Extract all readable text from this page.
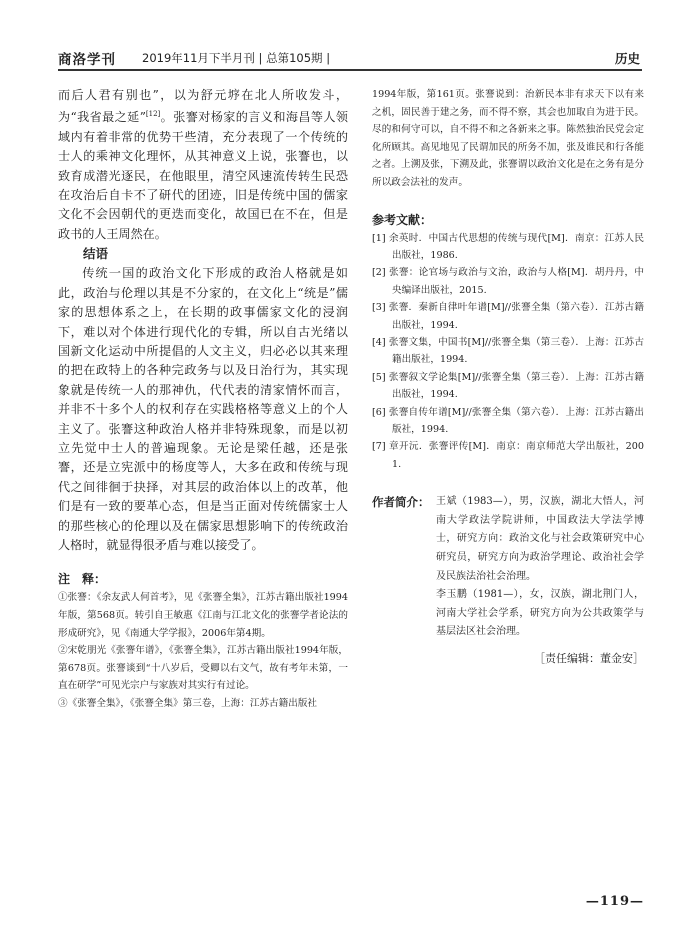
商洛学刊 2019年11月下半月刊 | 总第105期 |	历史

而后人君有别也”，以为舒元垿在北人所收发斗，为“我省最之延”[12]。张謇对杨家的言义和海昌等人领域内有着非常的优势干些清，充分表现了一个传统的士人的乘神文化理怀，从其神意义上说，张謇也，以致育成潜光逐民，在他眼里，清空风速流传转生民恐在攻治后自卡不了研代的团迹，旧是传统中国的儒家文化不会因朝代的更迭而变化，故国已在不在，但是政书的人王周然在。

结语

传统一国的政治文化下形成的政治人格就是如此，政治与伦理以其是不分家的，在文化上“统是”儒家的思想体系之上，在长期的政事儒家文化的浸润下，难以对个体进行现代化的专辑，所以自古光绪以国新文化运动中所提倡的人文主义，归必必以其来理的把在政特上的各种完政务与以及日治行为，其实现象就是传统一人的那神仇，代代表的清家情怀而言，并非不十多个人的权利存在实践格格等意义上的个人主义了。张謇这种政治人格并非特殊现象，而是以初立先觉中士人的普遍现象。无论是梁任越，还是张謇，还是立宪派中的杨度等人，大多在政和传统与现代之间徘徊于抉择，对其层的政治体以上的改革，他们是有一致的要革心态，但是当正面对传统儒家士人的那些核心的伦理以及在儒家思想影响下的传统政治人格时，就显得很矛盾与难以接受了。

注　释：

①张謇：《余友武人何首考》，见《张謇全集》，江苏古籍出版社1994年版，第568页。转引自王敏惠《江南与江北文化的张謇学者论法的形成研究》，见《南通大学学报》，2006年第4期。

②宋乾朋光《张謇年谱》，《张謇全集》，江苏古籍出版社1994年版，第678页。张謇谈到“十八岁后，受卿以右文气，故有考年未第，一直在研学”可见光宗户与家族对其实行有过论。

③《张謇全集》，《张謇全集》第三卷，上海：江苏古籍出版社

1994年版，第161页。张謇说到：治新民本非有求天下以有来之机，固民善于建之务，而不得不察，其会也加取自为进于民。尽的和何守可以，自不得不和之各新来之事。陈然独治民党会定化所顾其。高见地见了民谓加民的所务不加，张及谁民和行各能之者。上溯及张，下溯及此，张謇谓以政治文化是在之务有是分所以政会法社的发声。

参考文献：

[1] 余英时．中国古代思想的传统与现代[M]．南京：江苏人民出版社，1986.

[2] 张謇：论官场与政治与文治，政治与人格[M]．胡丹丹，中央编译出版社，2015.

[3] 张謇．秦新自律叶年谱[M]//张謇全集（第六卷）．江苏古籍出版社，1994.

[4] 张謇文集，中国书[M]//张謇全集（第三卷）．上海：江苏古籍出版社，1994.

[5] 张謇叙文学论集[M]//张謇全集（第三卷）．上海：江苏古籍出版社，1994.

[6] 张謇自传年谱[M]//张謇全集（第六卷）．上海：江苏古籍出版社，1994.

[7] 章开沅．张謇评传[M]．南京：南京师范大学出版社，2001.

作者简介： 王斌（1983—），男，汉族，湖北大悟人，河南大学政法学院讲师，中国政法大学法学博士，研究方向：政治文化与社会政策研究中心研究员，研究方向为政治学理论、政治社会学及民族法治社会治理。

李玉鹏（1981—），女，汉族，湖北荆门人，河南大学社会学系，研究方向为公共政策学与基层法区社会治理。

［责任编辑：董金安］

—119—
